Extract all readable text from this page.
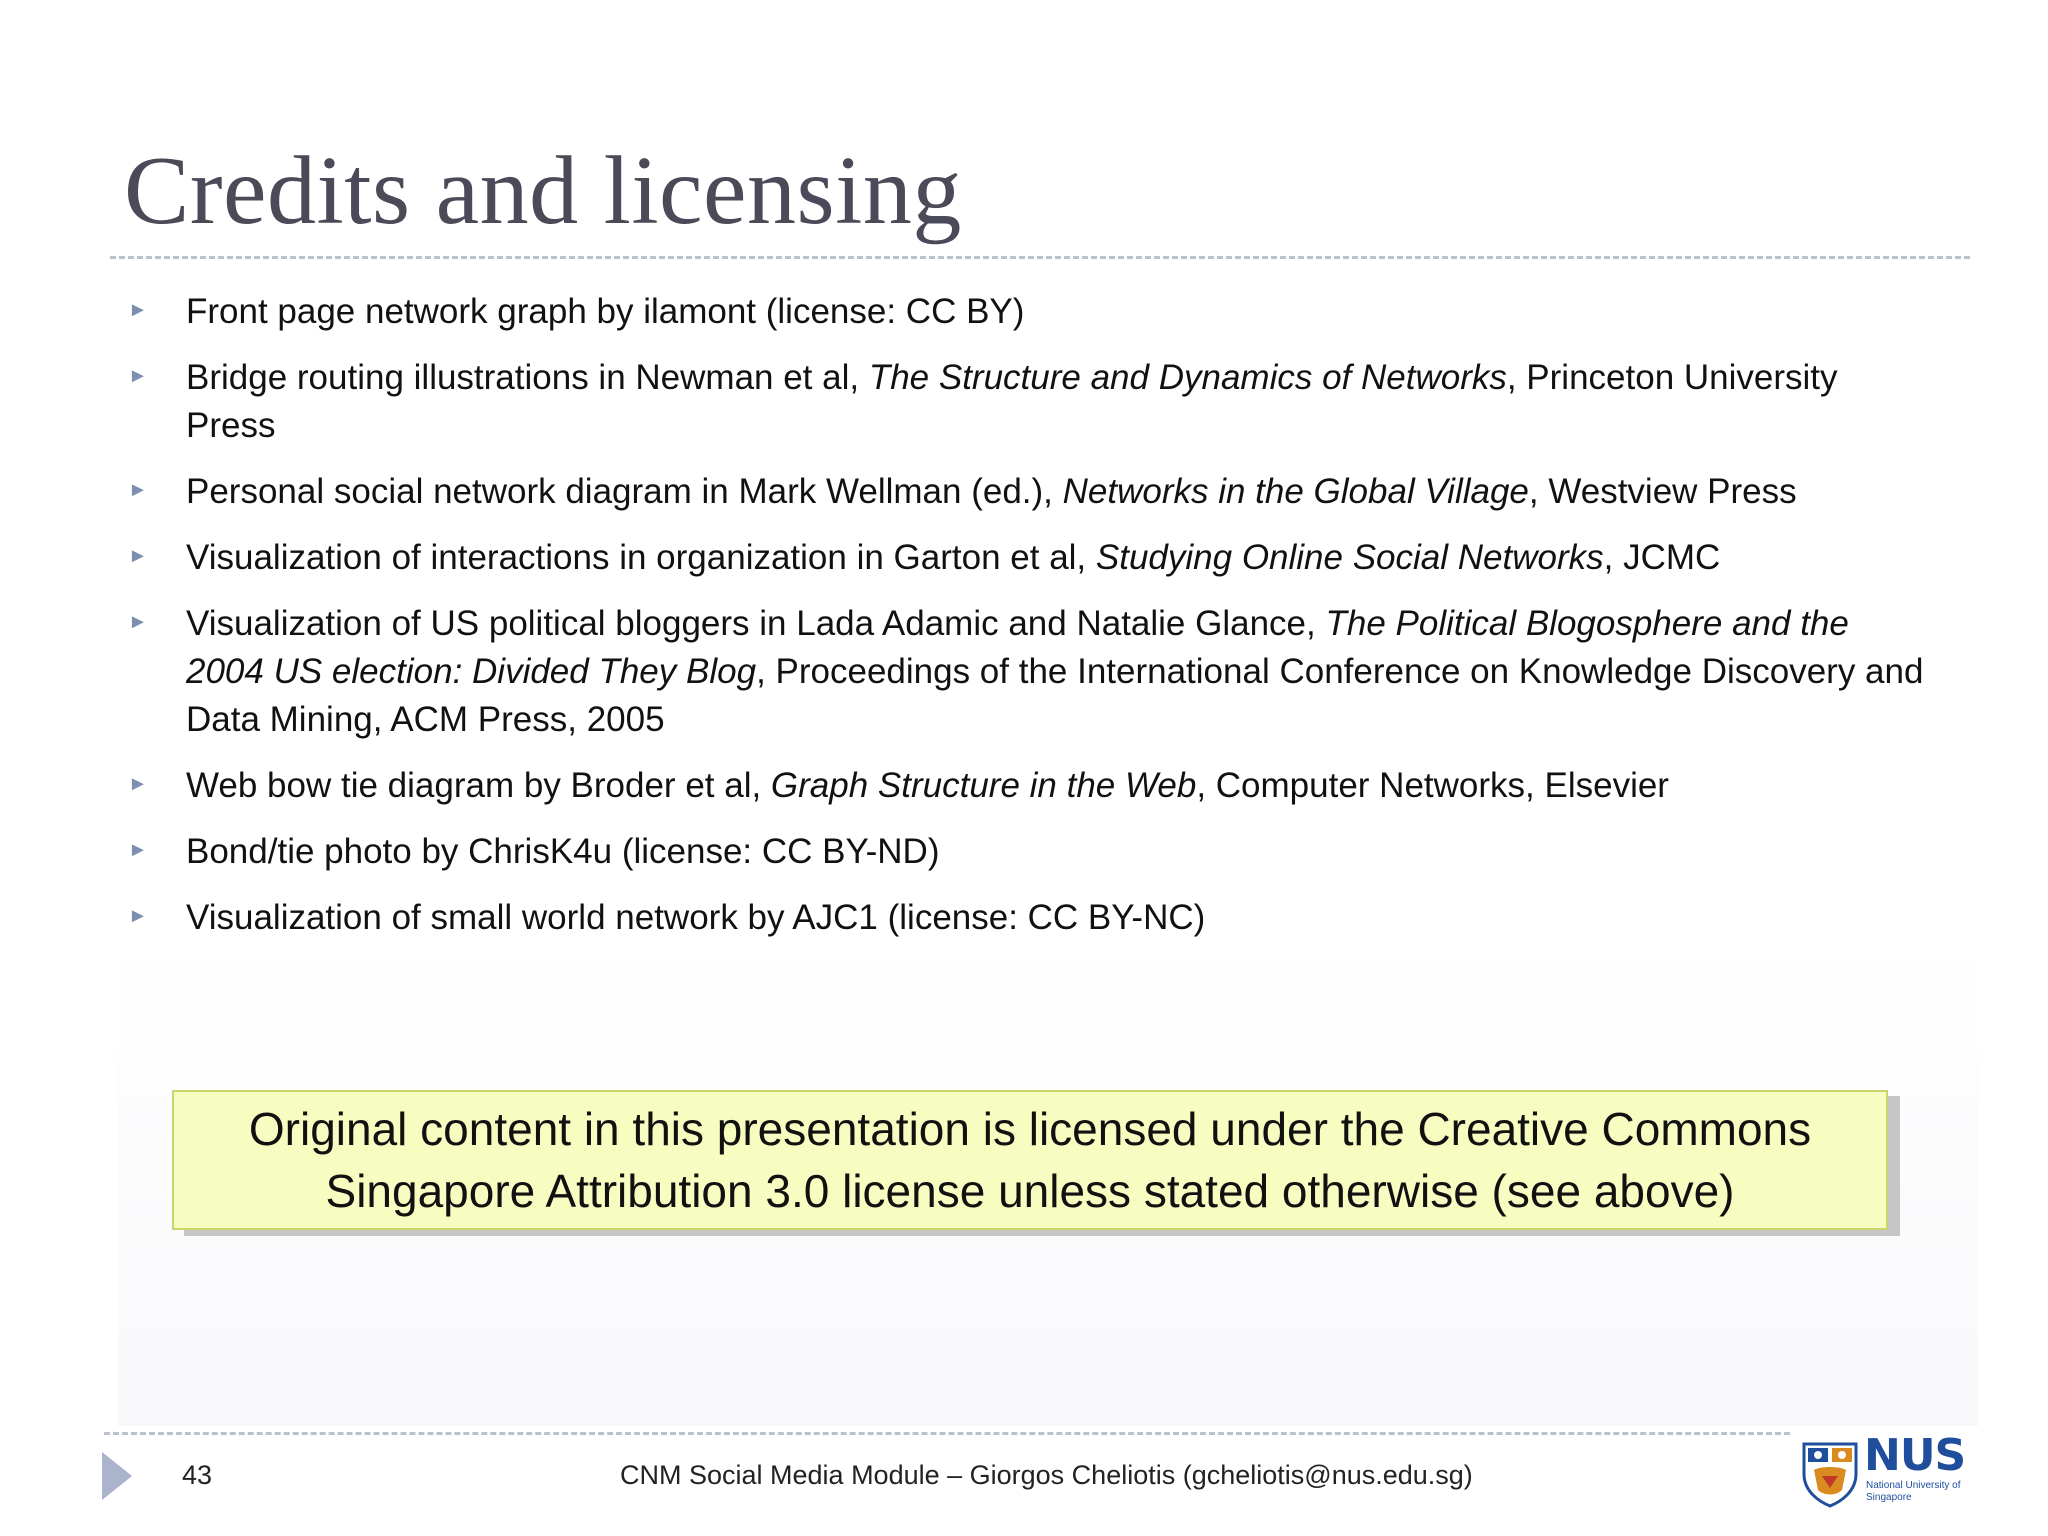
Credits and licensing
► Front page network graph by ilamont (license: CC BY)
► Bridge routing illustrations in Newman et al, The Structure and Dynamics of Networks, Princeton University Press
► Personal social network diagram in Mark Wellman (ed.), Networks in the Global Village, Westview Press
► Visualization of interactions in organization in Garton et al, Studying Online Social Networks, JCMC
► Visualization of US political bloggers in Lada Adamic and Natalie Glance, The Political Blogosphere and the 2004 US election: Divided They Blog, Proceedings of the International Conference on Knowledge Discovery and Data Mining, ACM Press, 2005
► Web bow tie diagram by Broder et al, Graph Structure in the Web, Computer Networks, Elsevier
► Bond/tie photo by ChrisK4u (license: CC BY-ND)
► Visualization of small world network by AJC1 (license: CC BY-NC)
Original content in this presentation is licensed under the Creative Commons Singapore Attribution 3.0 license unless stated otherwise (see above)
43	CNM Social Media Module – Giorgos Cheliotis (gcheliotis@nus.edu.sg)	NUS
National University of Singapore
